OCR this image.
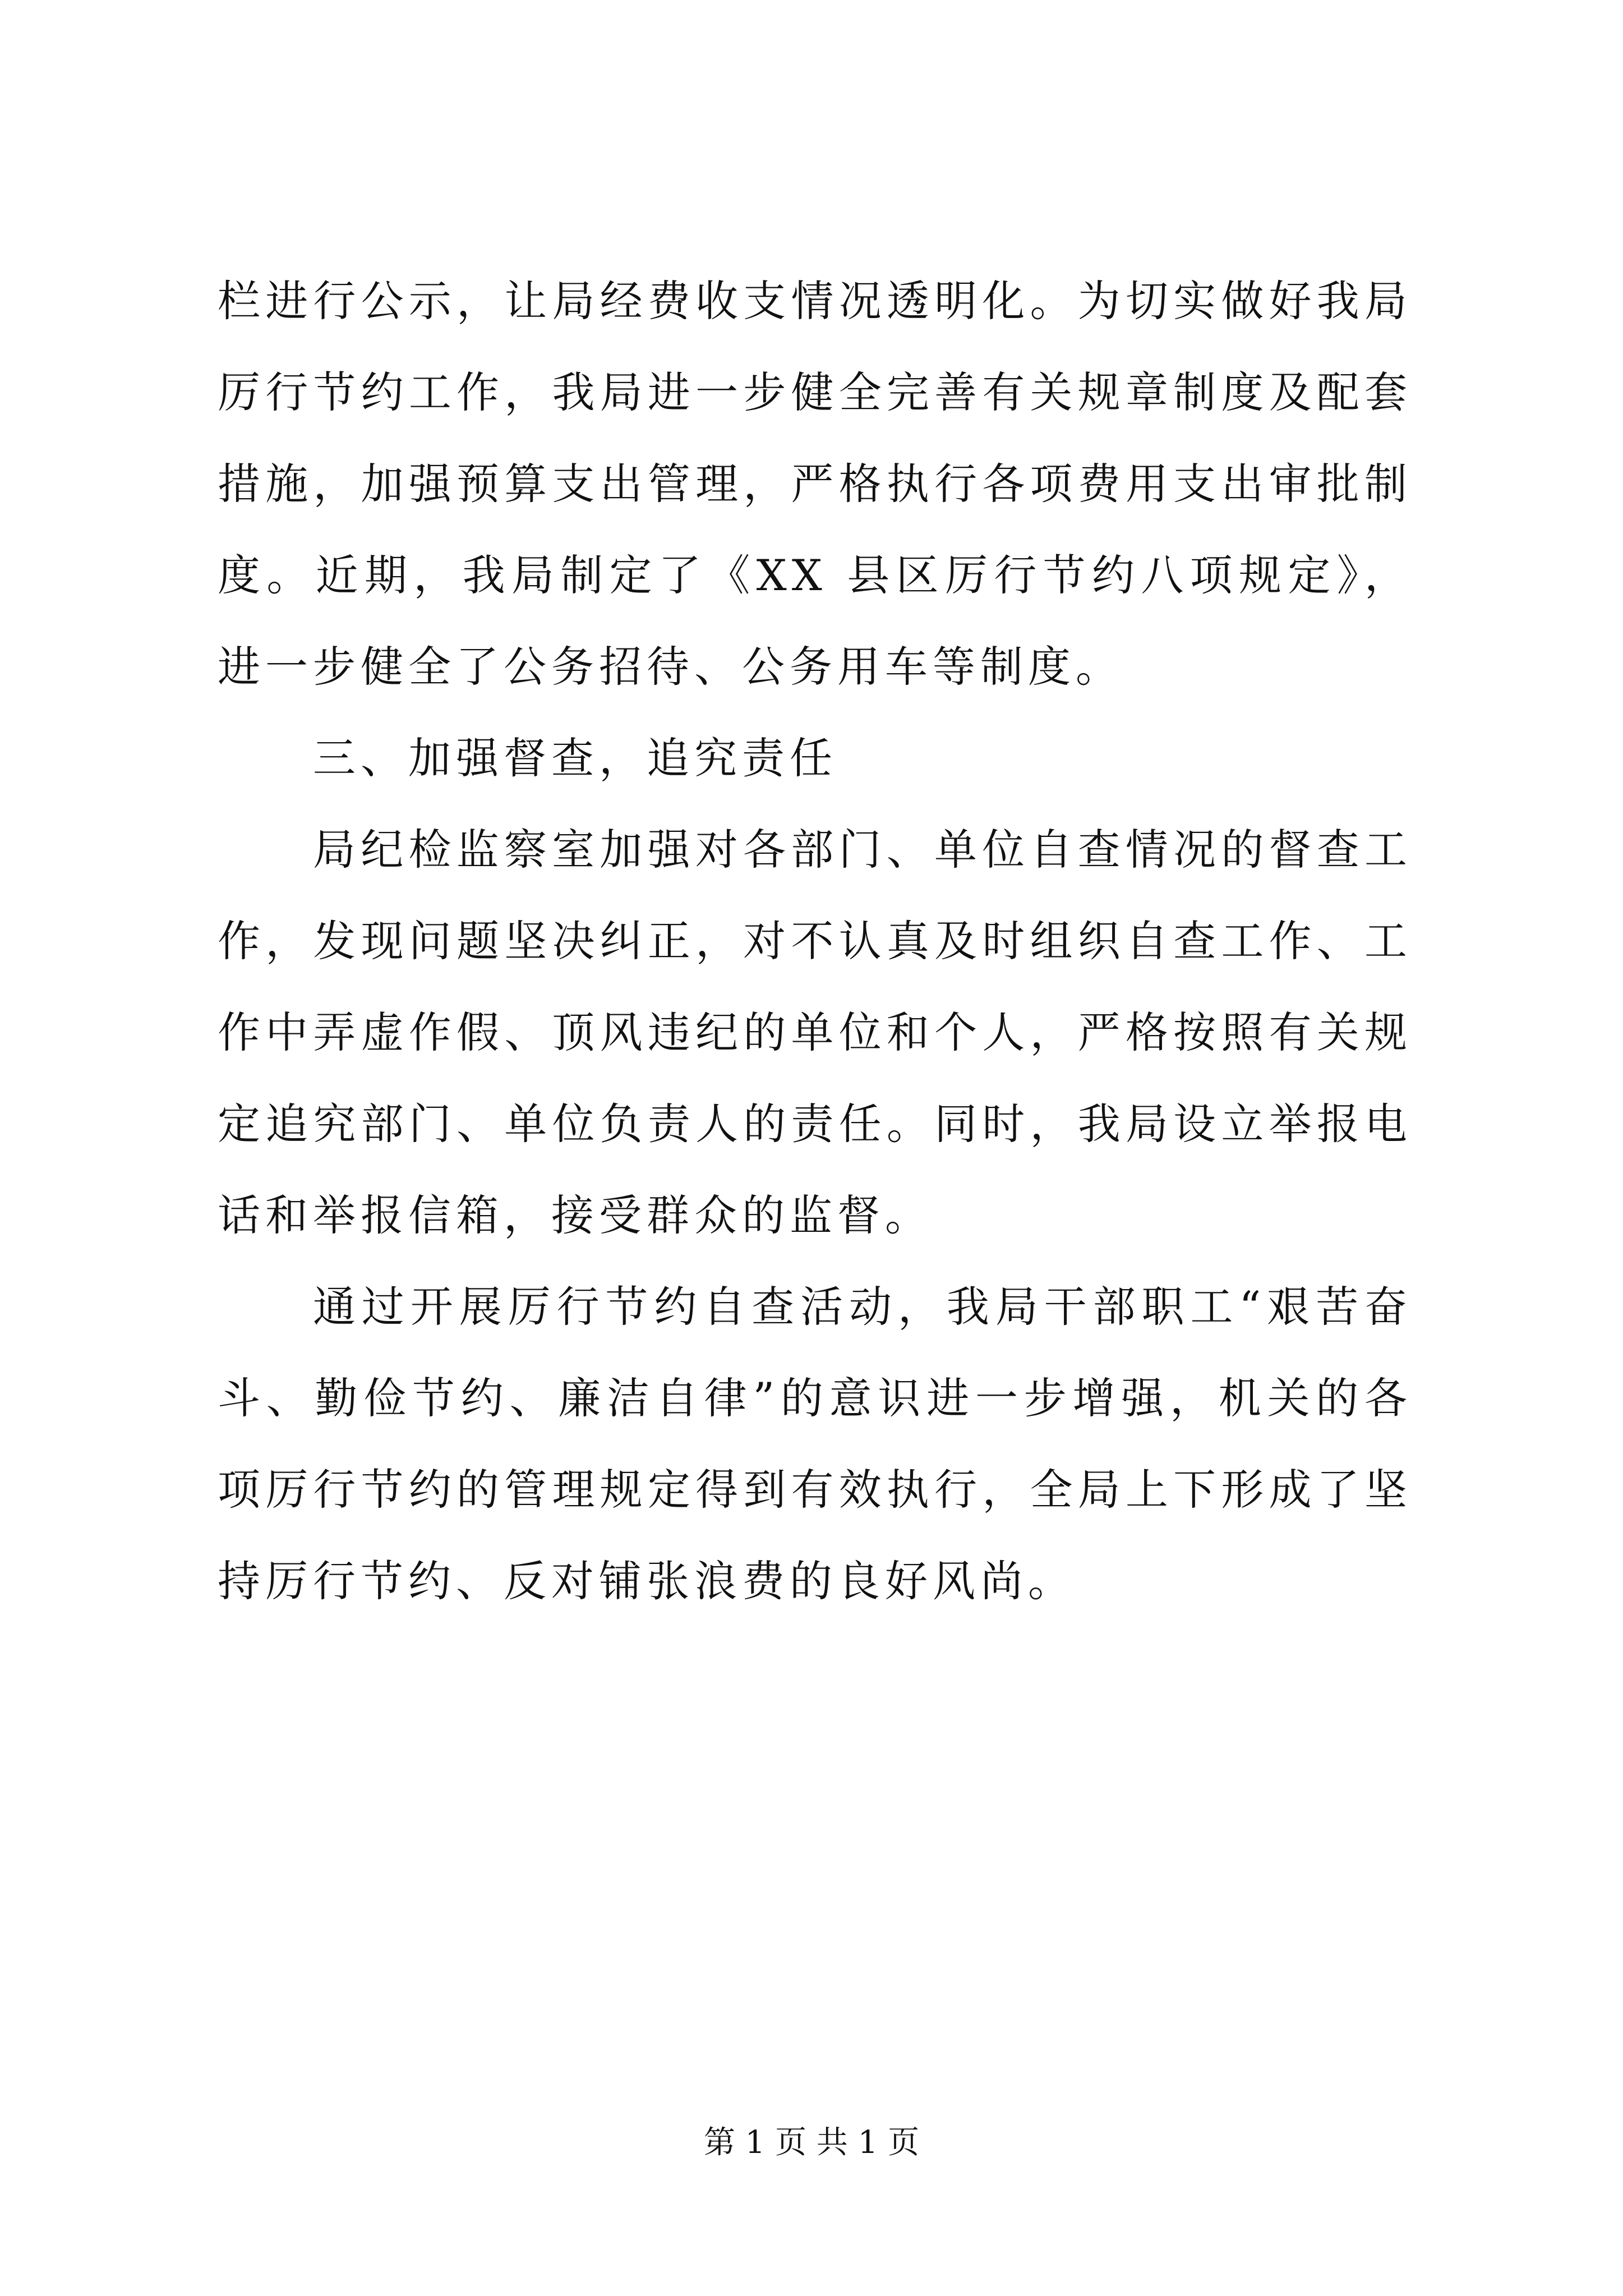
栏进行公示，让局经费收支情况透明化。为切实做好我局厉行节约工作，我局进一步健全完善有关规章制度及配套措施，加强预算支出管理，严格执行各项费用支出审批制度。近期，我局制定了《XX 县区厉行节约八项规定》，进一步健全了公务招待、公务用车等制度。

三、加强督查，追究责任

局纪检监察室加强对各部门、单位自查情况的督查工作，发现问题坚决纠正，对不认真及时组织自查工作、工作中弄虚作假、顶风违纪的单位和个人，严格按照有关规定追究部门、单位负责人的责任。同时，我局设立举报电话和举报信箱，接受群众的监督。

通过开展厉行节约自查活动，我局干部职工“艰苦奋斗、勤俭节约、廉洁自律”的意识进一步增强，机关的各项厉行节约的管理规定得到有效执行，全局上下形成了坚持厉行节约、反对铺张浪费的良好风尚。

第 1 页 共 1 页
